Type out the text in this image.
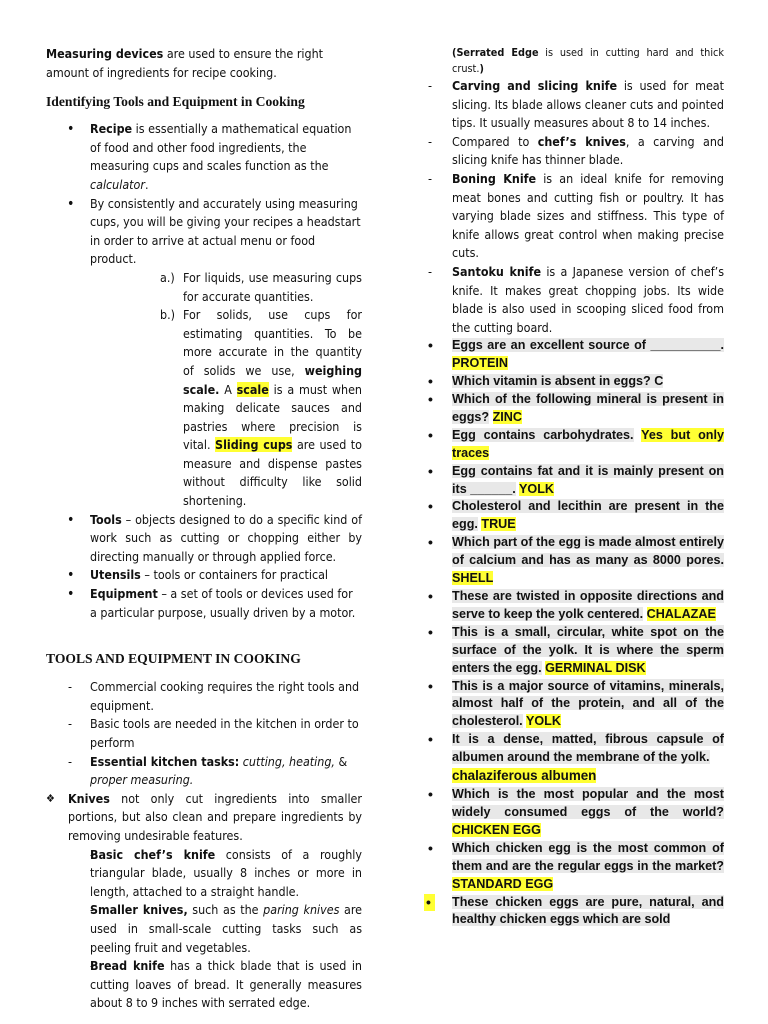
Measuring devices are used to ensure the right amount of ingredients for recipe cooking.

Identifying Tools and Equipment in Cooking
• Recipe is essentially a mathematical equation of food and other food ingredients, the measuring cups and scales function as the calculator.
• By consistently and accurately using measuring cups, you will be giving your recipes a headstart in order to arrive at actual menu or food product.
a.) For liquids, use measuring cups for accurate quantities.
b.) For solids, use cups for estimating quantities. To be more accurate in the quantity of solids we use, weighing scale. A scale is a must when making delicate sauces and pastries where precision is vital. Sliding cups are used to measure and dispense pastes without difficulty like solid shortening.
• Tools – objects designed to do a specific kind of work such as cutting or chopping either by directing manually or through applied force.
• Utensils – tools or containers for practical
• Equipment – a set of tools or devices used for a particular purpose, usually driven by a motor.
TOOLS AND EQUIPMENT IN COOKING
- Commercial cooking requires the right tools and equipment.
- Basic tools are needed in the kitchen in order to perform
- Essential kitchen tasks: cutting, heating, & proper measuring.
❖ Knives not only cut ingredients into smaller portions, but also clean and prepare ingredients by removing undesirable features.
- Basic chef’s knife consists of a roughly triangular blade, usually 8 inches or more in length, attached to a straight handle.
- Smaller knives, such as the paring knives are used in small-scale cutting tasks such as peeling fruit and vegetables.
- Bread knife has a thick blade that is used in cutting loaves of bread. It generally measures about 8 to 9 inches with serrated edge.

(Serrated Edge is used in cutting hard and thick crust.)

- Carving and slicing knife is used for meat slicing. Its blade allows cleaner cuts and pointed tips. It usually measures about 8 to 14 inches.
- Compared to chef’s knives, a carving and slicing knife has thinner blade.
- Boning Knife is an ideal knife for removing meat bones and cutting fish or poultry. It has varying blade sizes and stiffness. This type of knife allows great control when making precise cuts.
- Santoku knife is a Japanese version of chef’s knife. It makes great chopping jobs. Its wide blade is also used in scooping sliced food from the cutting board.
• Eggs are an excellent source of __________. PROTEIN
• Which vitamin is absent in eggs? C
• Which of the following mineral is present in eggs? ZINC
• Egg contains carbohydrates. Yes but only traces
• Egg contains fat and it is mainly present on its ______. YOLK
• Cholesterol and lecithin are present in the egg. TRUE
• Which part of the egg is made almost entirely of calcium and has as many as 8000 pores. SHELL
• These are twisted in opposite directions and serve to keep the yolk centered. CHALAZAE
• This is a small, circular, white spot on the surface of the yolk. It is where the sperm enters the egg. GERMINAL DISK
• This is a major source of vitamins, minerals, almost half of the protein, and all of the cholesterol. YOLK
• It is a dense, matted, fibrous capsule of albumen around the membrane of the yolk.
chalaziferous albumen
• Which is the most popular and the most widely consumed eggs of the world? CHICKEN EGG
• Which chicken egg is the most common of them and are the regular eggs in the market? STANDARD EGG
• These chicken eggs are pure, natural, and healthy chicken eggs which are sold
